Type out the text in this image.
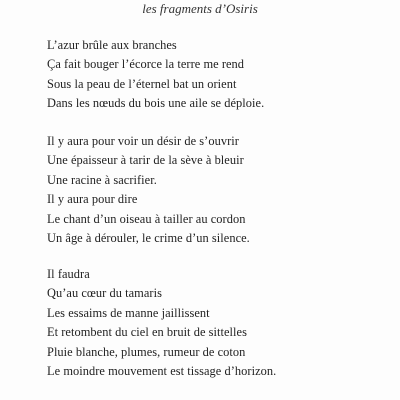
les fragments d’Osiris
L’azur brûle aux branches
Ça fait bouger l’écorce la terre me rend
Sous la peau de l’éternel bat un orient
Dans les nœuds du bois une aile se déploie.
Il y aura pour voir un désir de s’ouvrir
Une épaisseur à tarir de la sève à bleuir
Une racine à sacrifier.
Il y aura pour dire
Le chant d’un oiseau à tailler au cordon
Un âge à dérouler, le crime d’un silence.
Il faudra
Qu’au cœur du tamaris
Les essaims de manne jaillissent
Et retombent du ciel en bruit de sittelles
Pluie blanche, plumes, rumeur de coton
Le moindre mouvement est tissage d’horizon.
